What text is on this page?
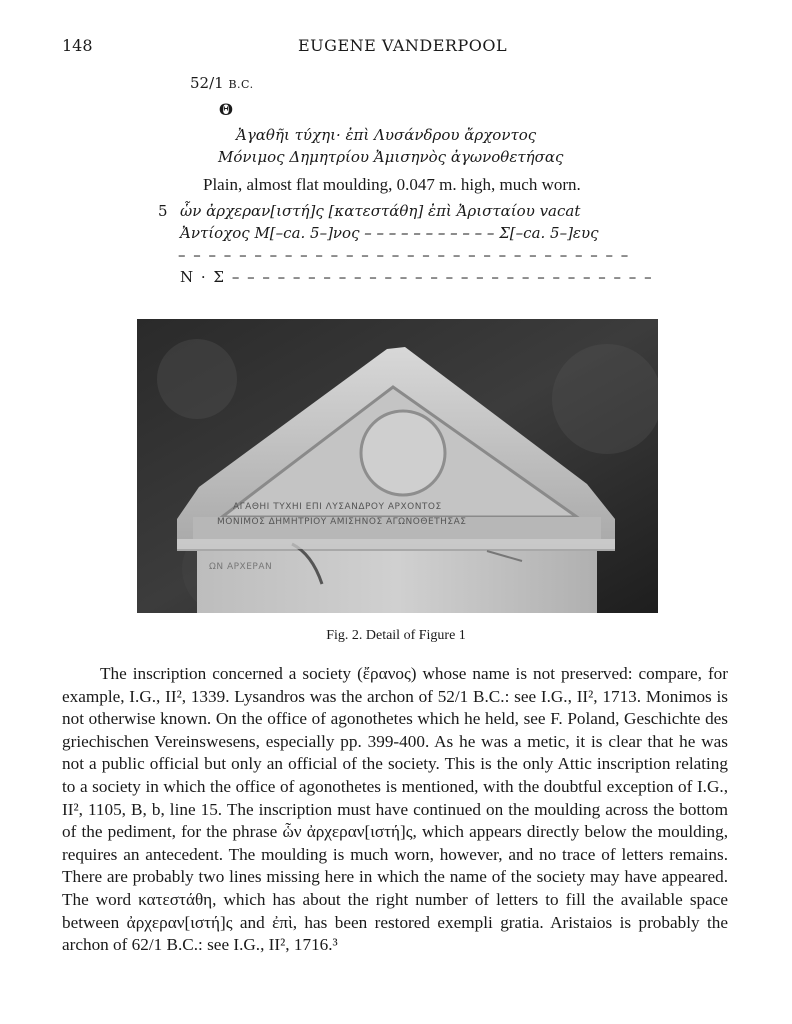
148	EUGENE VANDERPOOL
52/1 B.C.
Θ
Ἀγαθῆι τύχηι· ἐπὶ Λυσάνδρου ἄρχοντος
Μόνιμος Δημητρίου Ἀμισηνὸς ἀγωνοθετήσας
Plain, almost flat moulding, 0.047 m. high, much worn.
5 ὧν ἀρχεραν[ιστή]ς [κατεστάθη] ἐπὶ Ἀρισταίου vacat
Ἀντίοχος Μ[–ca. 5–]νος – – – – – – – – – – – Σ[–ca. 5–]ευς
– – – – – – – – – – – – – – – – – – – – – – – – – – – – – –
Ν · Σ – – – – – – – – – – – – – – – – – – – – – – – – – – – –
ΑΓΑΘΗΙ ΤΥΧΗΙ ΕΠΙ ΛΥΣΑΝΔΡΟΥ ΑΡΧΟΝΤΟΣ
ΜΟΝΙΜΟΣ ΔΗΜΗΤΡΙΟΥ ΑΜΙΣΗΝΟΣ ΑΓΩΝΟΘΕΤΗΣΑΣ
ΩΝ ΑΡΧΕΡΑΝ
Fig. 2. Detail of Figure 1

The inscription concerned a society (ἔρανος) whose name is not preserved: compare, for example, I.G., II², 1339. Lysandros was the archon of 52/1 B.C.: see I.G., II², 1713. Monimos is not otherwise known. On the office of agonothetes which he held, see F. Poland, Geschichte des griechischen Vereinswesens, especially pp. 399-400. As he was a metic, it is clear that he was not a public official but only an official of the society. This is the only Attic inscription relating to a society in which the office of agonothetes is mentioned, with the doubtful exception of I.G., II², 1105, B, b, line 15. The inscription must have continued on the moulding across the bottom of the pediment, for the phrase ὧν ἀρχεραν[ιστή]ς, which appears directly below the moulding, requires an antecedent. The moulding is much worn, however, and no trace of letters remains. There are probably two lines missing here in which the name of the society may have appeared. The word κατεστάθη, which has about the right number of letters to fill the available space between ἀρχεραν[ιστή]ς and ἐπὶ, has been restored exempli gratia. Aristaios is probably the archon of 62/1 B.C.: see I.G., II², 1716.³
